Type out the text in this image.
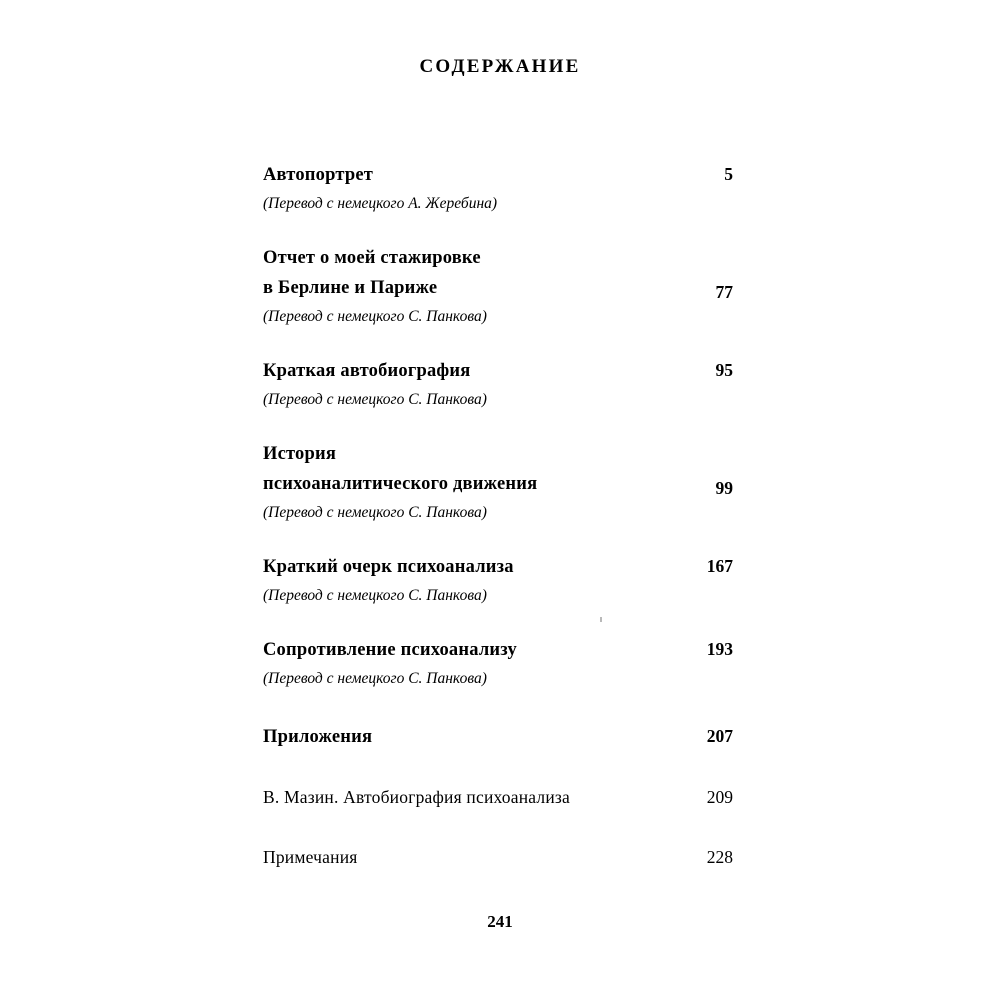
СОДЕРЖАНИЕ
Автопортрет	5
(Перевод с немецкого А. Жеребина)
Отчет о моей стажировке
в Берлине и Париже	77
(Перевод с немецкого С. Панкова)
Краткая автобиография	95
(Перевод с немецкого С. Панкова)
История
психоаналитического движения	99
(Перевод с немецкого С. Панкова)
Краткий очерк психоанализа	167
(Перевод с немецкого С. Панкова)
Сопротивление психоанализу	193
(Перевод с немецкого С. Панкова)
Приложения	207
В. Мазин. Автобиография психоанализа	209
Примечания	228
241
